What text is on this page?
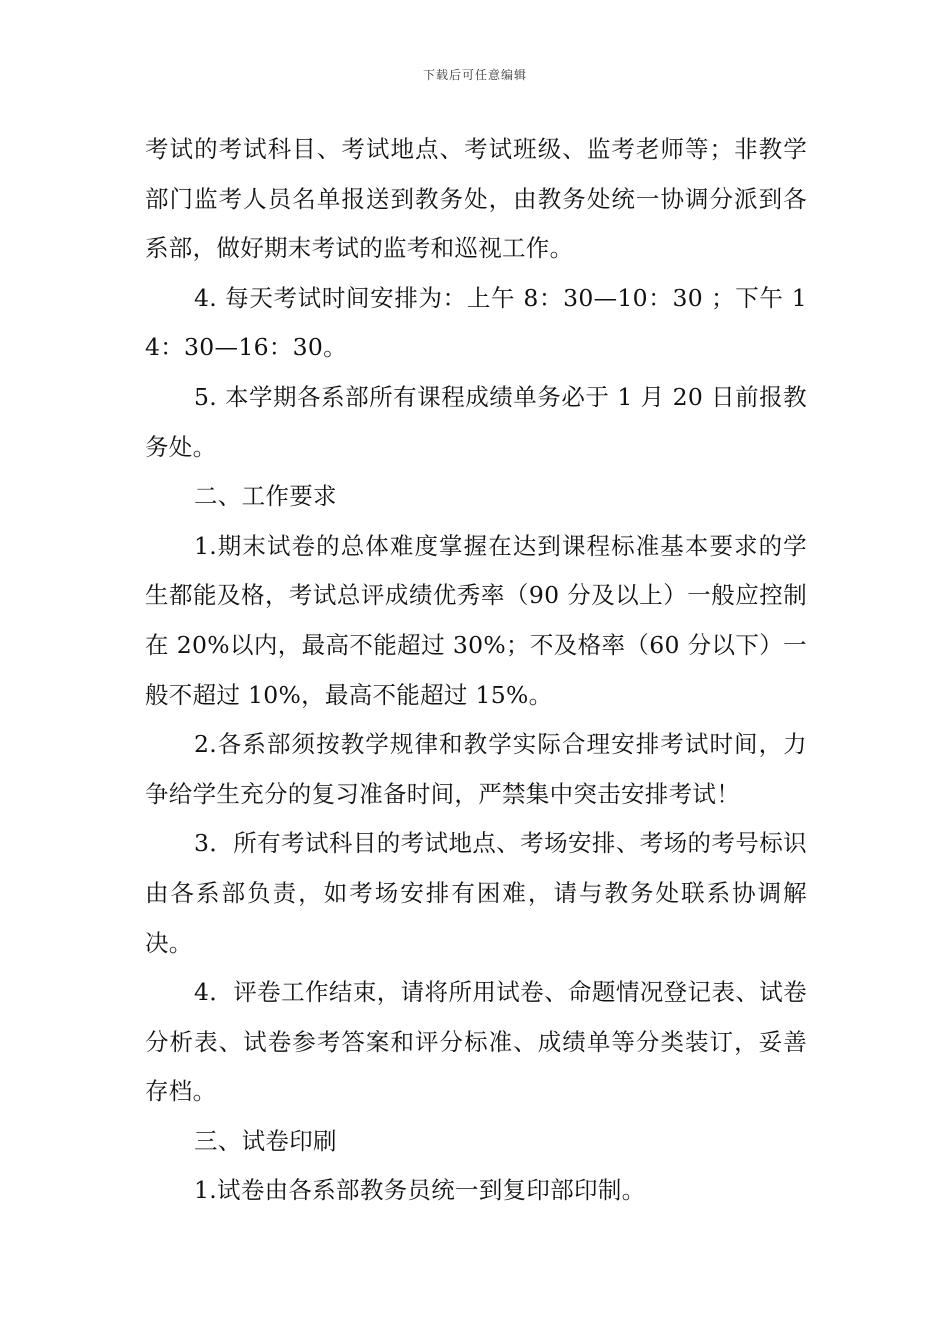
下载后可任意编辑

考试的考试科目、考试地点、考试班级、监考老师等；非教学部门监考人员名单报送到教务处，由教务处统一协调分派到各系部，做好期末考试的监考和巡视工作。

4. 每天考试时间安排为：上午 8：30—10：30 ；下午 14：30—16：30。

5. 本学期各系部所有课程成绩单务必于 1 月 20 日前报教务处。

二、工作要求

1.期末试卷的总体难度掌握在达到课程标准基本要求的学生都能及格，考试总评成绩优秀率（90 分及以上）一般应控制在 20%以内，最高不能超过 30%；不及格率（60 分以下）一般不超过 10%，最高不能超过 15%。

2.各系部须按教学规律和教学实际合理安排考试时间，力争给学生充分的复习准备时间，严禁集中突击安排考试！

3．所有考试科目的考试地点、考场安排、考场的考号标识由各系部负责，如考场安排有困难，请与教务处联系协调解决。

4．评卷工作结束，请将所用试卷、命题情况登记表、试卷分析表、试卷参考答案和评分标准、成绩单等分类装订，妥善存档。

三、试卷印刷

1.试卷由各系部教务员统一到复印部印制。
